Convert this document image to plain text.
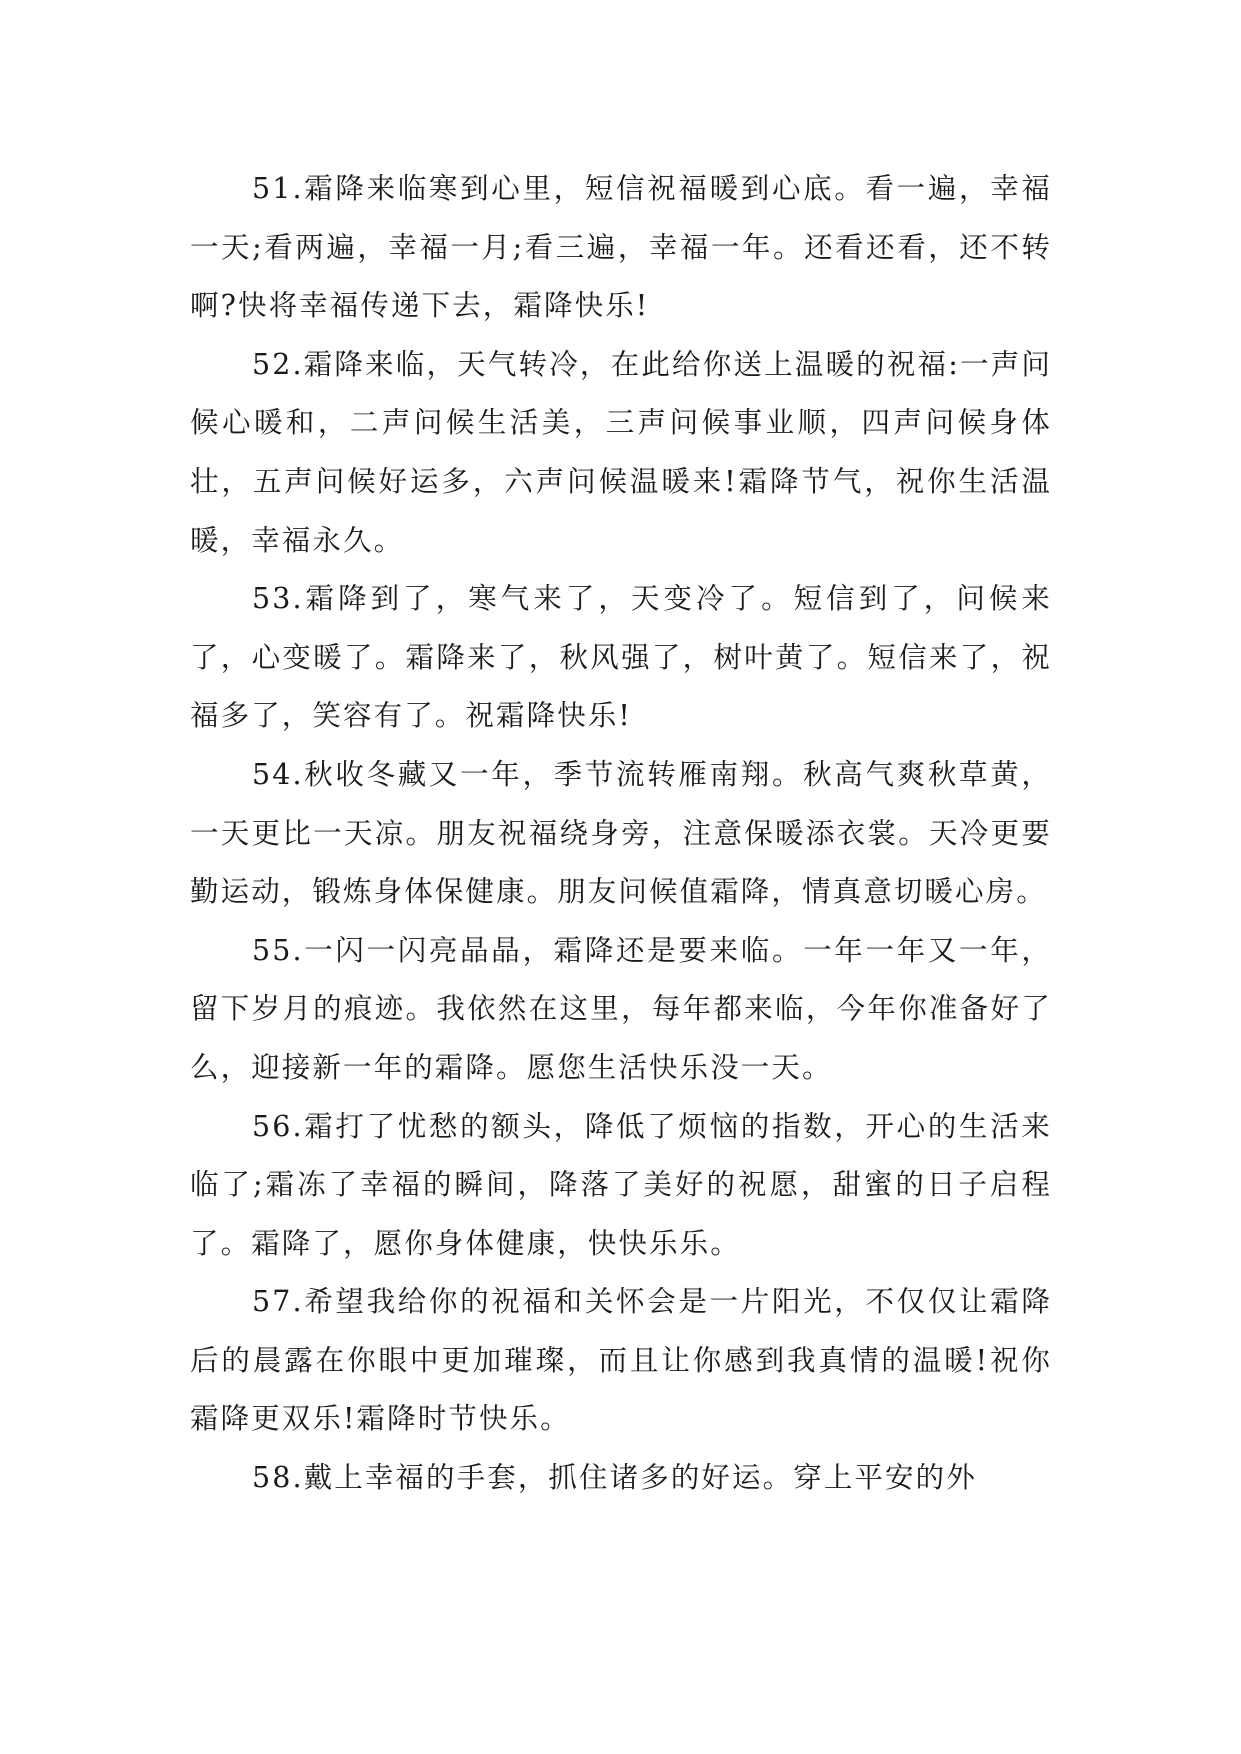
51.霜降来临寒到心里，短信祝福暖到心底。看一遍，幸福一天;看两遍，幸福一月;看三遍，幸福一年。还看还看，还不转啊?快将幸福传递下去，霜降快乐!

52.霜降来临，天气转冷，在此给你送上温暖的祝福:一声问候心暖和，二声问候生活美，三声问候事业顺，四声问候身体壮，五声问候好运多，六声问候温暖来!霜降节气，祝你生活温暖，幸福永久。

53.霜降到了，寒气来了，天变冷了。短信到了，问候来了，心变暖了。霜降来了，秋风强了，树叶黄了。短信来了，祝福多了，笑容有了。祝霜降快乐!

54.秋收冬藏又一年，季节流转雁南翔。秋高气爽秋草黄，一天更比一天凉。朋友祝福绕身旁，注意保暖添衣裳。天冷更要勤运动，锻炼身体保健康。朋友问候值霜降，情真意切暖心房。

55.一闪一闪亮晶晶，霜降还是要来临。一年一年又一年，留下岁月的痕迹。我依然在这里，每年都来临，今年你准备好了么，迎接新一年的霜降。愿您生活快乐没一天。

56.霜打了忧愁的额头，降低了烦恼的指数，开心的生活来临了;霜冻了幸福的瞬间，降落了美好的祝愿，甜蜜的日子启程了。霜降了，愿你身体健康，快快乐乐。

57.希望我给你的祝福和关怀会是一片阳光，不仅仅让霜降后的晨露在你眼中更加璀璨，而且让你感到我真情的温暖!祝你霜降更双乐!霜降时节快乐。

58.戴上幸福的手套，抓住诸多的好运。穿上平安的外
